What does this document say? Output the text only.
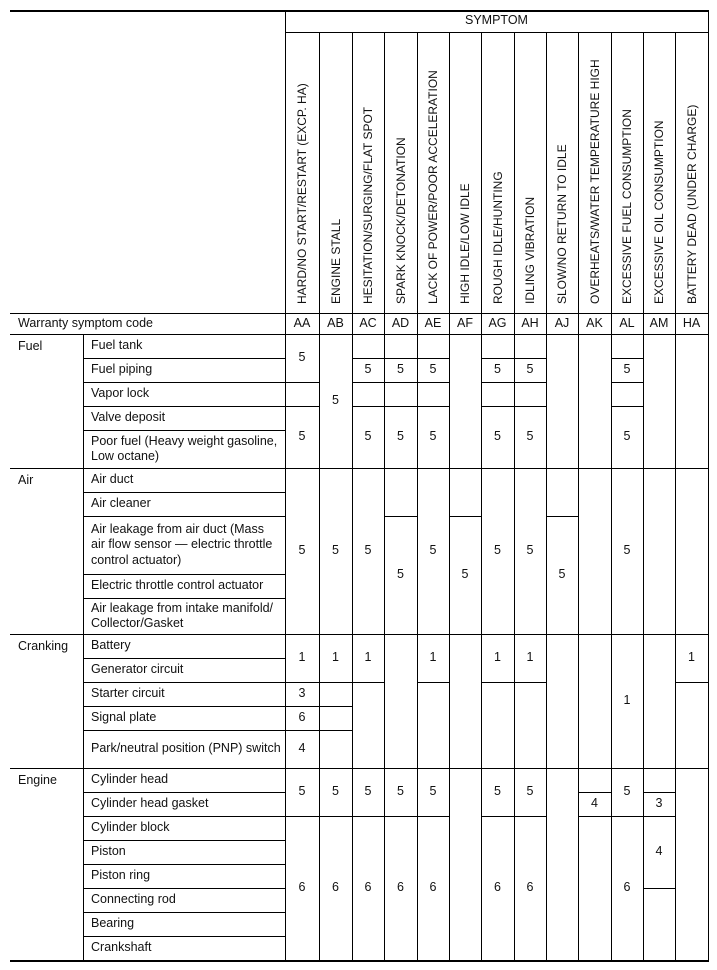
SYMPTOM
Warranty symptom code
HARD/NO START/RESTART (EXCP. HA)
AA
ENGINE STALL
AB
HESITATION/SURGING/FLAT SPOT
AC
SPARK KNOCK/DETONATION
AD
LACK OF POWER/POOR ACCELERATION
AE
HIGH IDLE/LOW IDLE
AF
ROUGH IDLE/HUNTING
AG
IDLING VIBRATION
AH
SLOW/NO RETURN TO IDLE
AJ
OVERHEATS/WATER TEMPERATURE HIGH
AK
EXCESSIVE FUEL CONSUMPTION
AL
EXCESSIVE OIL CONSUMPTION
AM
BATTERY DEAD (UNDER CHARGE)
HA
Fuel
Air
Cranking
Engine
Fuel tank
Fuel piping
Vapor lock
Valve deposit
Poor fuel (Heavy weight gasoline, Low octane)
Air duct
Air cleaner
Air leakage from air duct (Mass air flow sensor — electric throttle control actuator)
Electric throttle control actuator
Air leakage from intake manifold/ Collector/Gasket
Battery
Generator circuit
Starter circuit
Signal plate
Park/neutral position (PNP) switch
Cylinder head
Cylinder head gasket
Cylinder block
Piston
Piston ring
Connecting rod
Bearing
Crankshaft
5
5
5
1
3
6
4
5
6
5
5
1
5
6
5
5
5
1
5
6
5
5
5
5
6
5
5
5
1
5
6
5
5
5
5
1
5
6
5
5
5
1
5
6
5
4
5
5
5
1
5
6
3
4
1
